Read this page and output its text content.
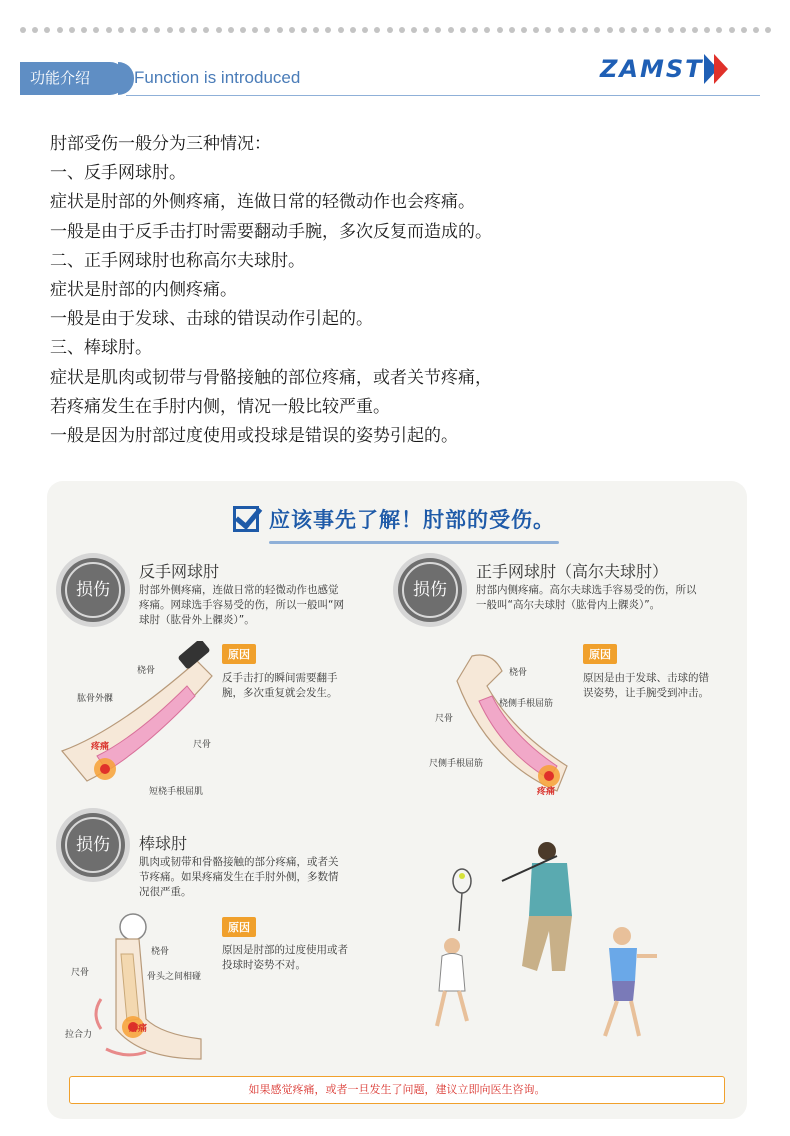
功能介绍	Function is introduced	ZAMST

肘部受伤一般分为三种情况：

一、反手网球肘。

症状是肘部的外侧疼痛，连做日常的轻微动作也会疼痛。

一般是由于反手击打时需要翻动手腕，多次反复而造成的。

二、正手网球肘也称高尔夫球肘。

症状是肘部的内侧疼痛。

一般是由于发球、击球的错误动作引起的。

三、棒球肘。

症状是肌肉或韧带与骨骼接触的部位疼痛，或者关节疼痛，

若疼痛发生在手肘内侧，情况一般比较严重。

一般是因为肘部过度使用或投球是错误的姿势引起的。

应该事先了解！肘部的受伤。
损伤
反手网球肘
肘部外侧疼痛，连做日常的轻微动作也感觉
疼痛。网球选手容易受的伤，所以一般叫“网
球肘（肱骨外上髁炎）”。
原因
反手击打的瞬间需要翻手
腕，多次重复就会发生。
桡骨
肱骨外髁
疼痛	尺骨
短桡手根屈肌
损伤
正手网球肘（高尔夫球肘）
肘部内侧疼痛。高尔夫球选手容易受的伤，所以
一般叫“高尔夫球肘（肱骨内上髁炎）”。
原因
原因是由于发球、击球的错
误姿势，让手腕受到冲击。
桡骨
桡侧手根屈筋
尺骨
尺侧手根屈筋
疼痛
损伤	棒球肘
肌肉或韧带和骨骼接触的部分疼痛，或者关
节疼痛。如果疼痛发生在手肘外侧，多数情
况很严重。
原因
原因是肘部的过度使用或者
投球时姿势不对。
桡骨
尺骨	骨头之间相碰
拉合力
疼痛
如果感觉疼痛，或者一旦发生了问题，建议立即向医生咨询。
